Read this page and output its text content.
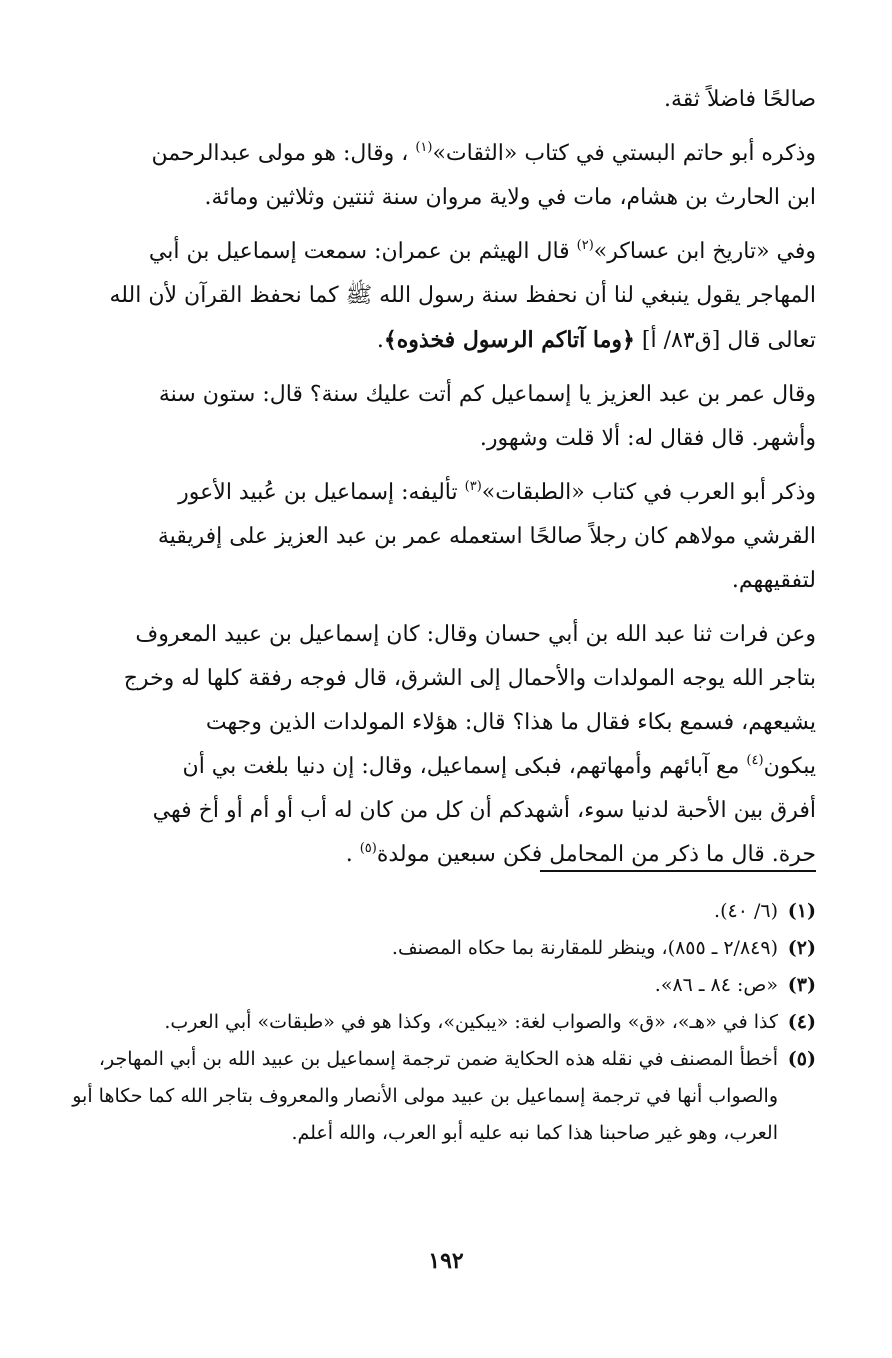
صالحًا فاضلاً ثقة.

وذكره أبو حاتم البستي في كتاب «الثقات»$^{(١)}$ ، وقال: هو مولى عبدالرحمن
ابن الحارث بن هشام، مات في ولاية مروان سنة ثنتين وثلاثين ومائة.

وفي «تاريخ ابن عساكر»$^{(٢)}$ قال الهيثم بن عمران: سمعت إسماعيل بن أبي
المهاجر يقول ينبغي لنا أن نحفظ سنة رسول الله ﷺ كما نحفظ القرآن لأن الله
تعالى قال [ق٨٣/ أ] ﴿وما آتاكم الرسول فخذوه﴾.

وقال عمر بن عبد العزيز يا إسماعيل كم أتت عليك سنة؟ قال: ستون سنة
وأشهر. قال فقال له: ألا قلت وشهور.

وذكر أبو العرب في كتاب «الطبقات»$^{(٣)}$ تأليفه: إسماعيل بن عُبيد الأعور
القرشي مولاهم كان رجلاً صالحًا استعمله عمر بن عبد العزيز على إفريقية
لتفقيههم.

وعن فرات ثنا عبد الله بن أبي حسان وقال: كان إسماعيل بن عبيد المعروف
بتاجر الله يوجه المولدات والأحمال إلى الشرق، قال فوجه رفقة كلها له وخرج
يشيعهم، فسمع بكاء فقال ما هذا؟ قال: هؤلاء المولدات الذين وجهت
يبكون$^{(٤)}$ مع آبائهم وأمهاتهم، فبكى إسماعيل، وقال: إن دنيا بلغت بي أن
أفرق بين الأحبة لدنيا سوء، أشهدكم أن كل من كان له أب أو أم أو أخ فهي
حرة. قال ما ذكر من المحامل فكن سبعين مولدة$^{(٥)}$ .

(١)
(٦/ ٤٠).
(٢)
(٢/٨٤٩ ـ ٨٥٥)، وينظر للمقارنة بما حكاه المصنف.
(٣)
«ص: ٨٤ ـ ٨٦».
(٤)
كذا في «هـ»، «ق» والصواب لغة: «يبكين»، وكذا هو في «طبقات» أبي العرب.
(٥)
أخطأ المصنف في نقله هذه الحكاية ضمن ترجمة إسماعيل بن عبيد الله بن أبي المهاجر، والصواب أنها في ترجمة إسماعيل بن عبيد مولى الأنصار والمعروف بتاجر الله كما حكاها أبو العرب، وهو غير صاحبنا هذا كما نبه عليه أبو العرب، والله أعلم.
١٩٢
